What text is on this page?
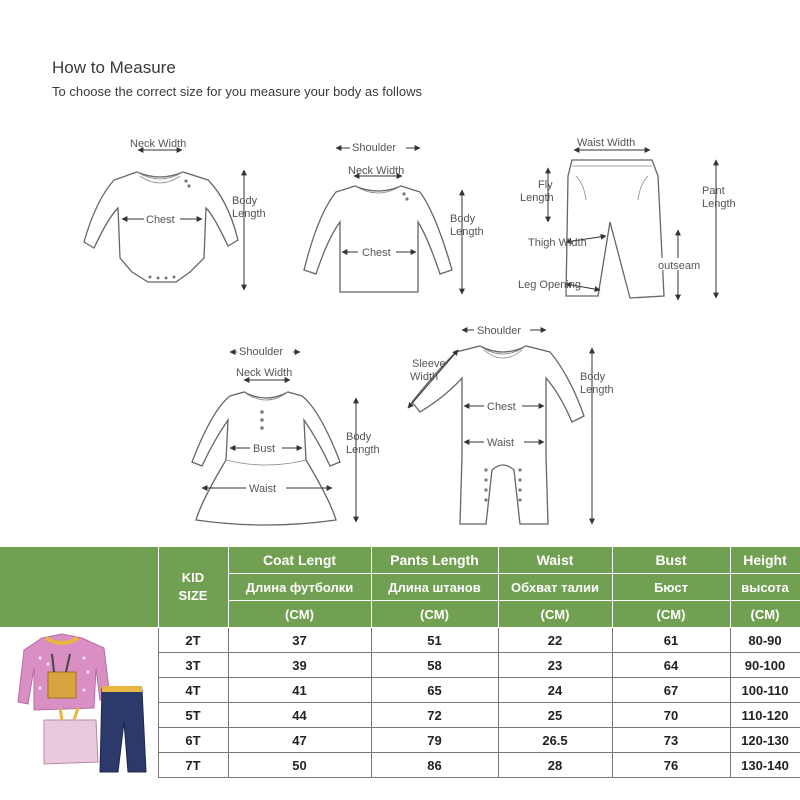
How to Measure
To choose the correct size for you measure your body as follows
Neck Width
Chest
Body
Length
Shoulder
Neck Width
Chest
Body
Length
Waist Width
Fly
Length
Thigh Width
Leg Opening
outseam
Pant
Length
Shoulder
Neck Width
Bust
Waist
Body
Length
Shoulder
Sleeve
Width
Chest
Waist
Body
Length

	KID
SIZE	Coat Lengt	Pants Length	Waist	Bust	Height
		Длина футболки	Длина штанов	Обхват талии	Бюст	высота
		(CM)	(CM)	(CM)	(CM)	(CM)
	2T	37	51	22	61	80-90
	3T	39	58	23	64	90-100
	4T	41	65	24	67	100-110
	5T	44	72	25	70	110-120
	6T	47	79	26.5	73	120-130
	7T	50	86	28	76	130-140
